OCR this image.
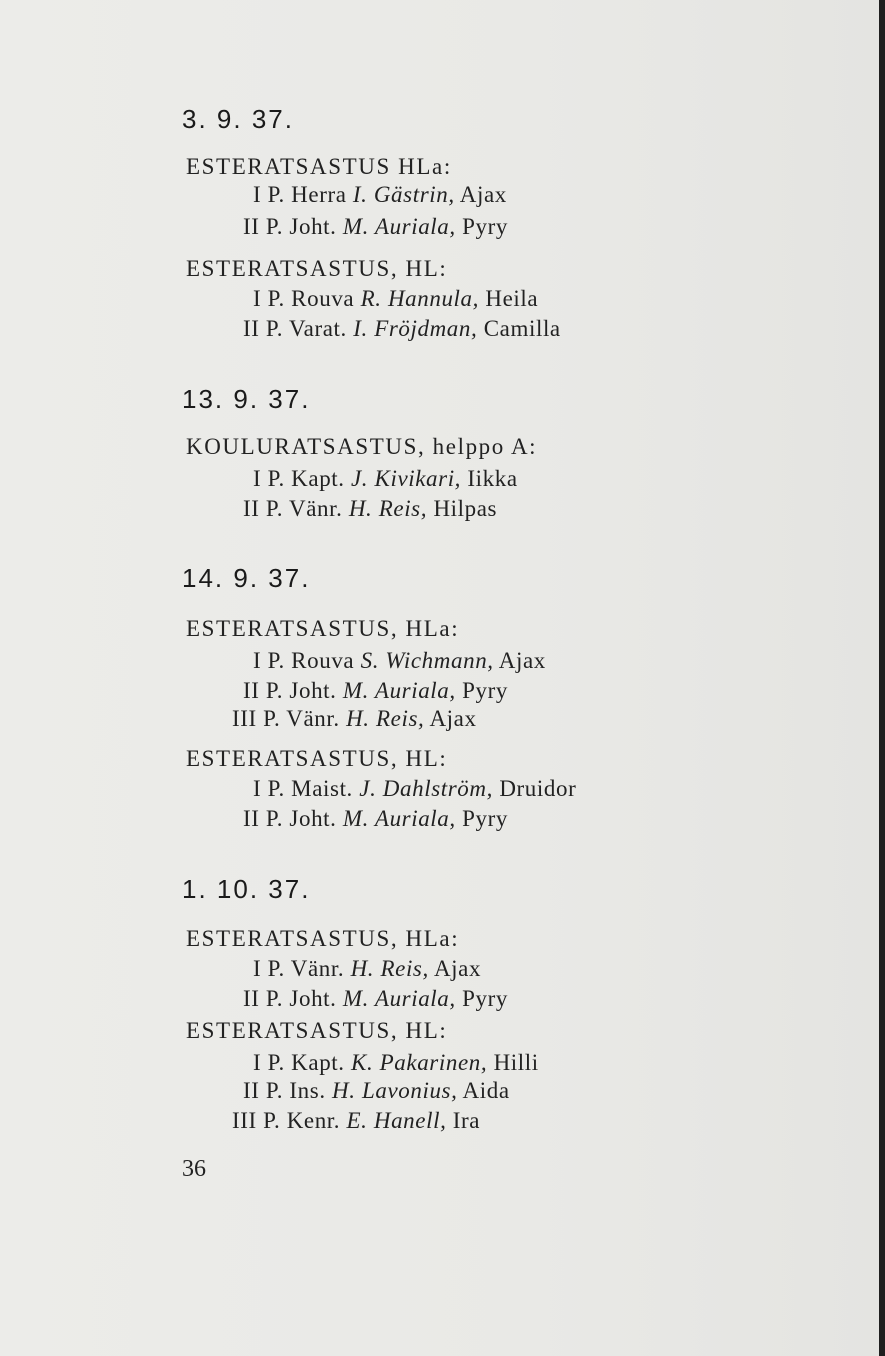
3. 9. 37.
ESTERATSASTUS HLa:
I P. Herra I. Gästrin, Ajax
II P. Joht. M. Auriala, Pyry
ESTERATSASTUS, HL:
I P. Rouva R. Hannula, Heila
II P. Varat. I. Fröjdman, Camilla
13. 9. 37.
KOULURATSASTUS, helppo A:
I P. Kapt. J. Kivikari, Iikka
II P. Vänr. H. Reis, Hilpas
14. 9. 37.
ESTERATSASTUS, HLa:
I P. Rouva S. Wichmann, Ajax
II P. Joht. M. Auriala, Pyry
III P. Vänr. H. Reis, Ajax
ESTERATSASTUS, HL:
I P. Maist. J. Dahlström, Druidor
II P. Joht. M. Auriala, Pyry
1. 10. 37.
ESTERATSASTUS, HLa:
I P. Vänr. H. Reis, Ajax
II P. Joht. M. Auriala, Pyry
ESTERATSASTUS, HL:
I P. Kapt. K. Pakarinen, Hilli
II P. Ins. H. Lavonius, Aida
III P. Kenr. E. Hanell, Ira
36
